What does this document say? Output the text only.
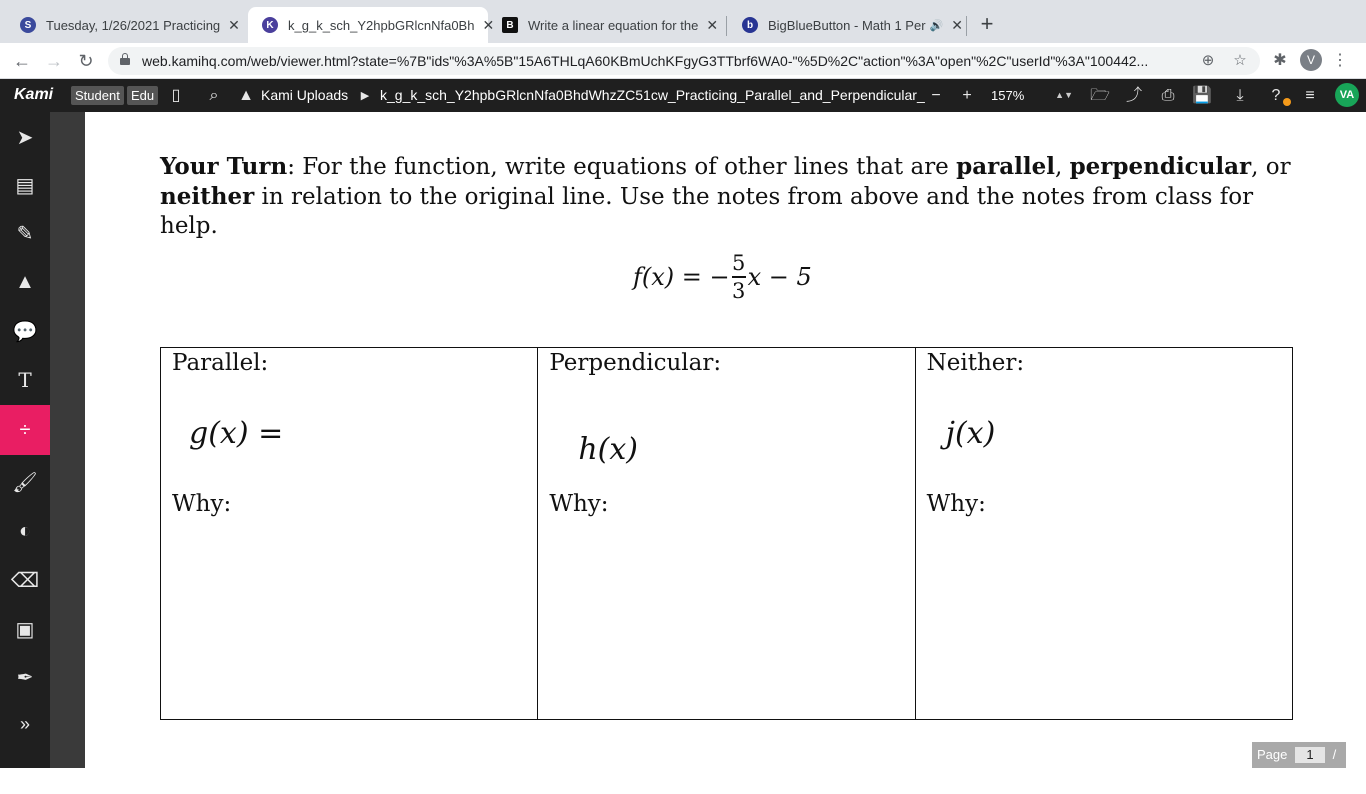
S	Tuesday, 1/26/2021 Practicing ✕	K	k_g_k_sch_Y2hpbGRlcnNfa0Bh ✕	B	Write a linear equation for the ✕	b	BigBlueButton - Math 1 Per 🔊 ✕ +
← → ↻	web.kamihq.com/web/viewer.html?state=%7B"ids"%3A%5B"15A6THLqA60KBmUchKFgyG3TTbrf6WA0-"%5D%2C"action"%3A"open"%2C"userId"%3A"100442...	⊕ ☆	✱	V	⋮
Kami	Student Edu	▯	⌕	▲ Kami Uploads	▶ k_g_k_sch_Y2hpbGRlcnNfa0BhdWhzZC51cw_Practicing_Parallel_and_Perpendicular_ −	+	157%	▲▼ 🗁 ⤴ ⎙ 💾	⤓	?	≡	VA
➤
▤
✎
▲
💬
T
÷
🖌
◐
⌫
▣
✒
»
Your Turn: For the function, write equations of other lines that are parallel, perpendicular, or neither in relation to the original line. Use the notes from above and the notes from class for help.
f(x) = − $\frac{5}{3}$ x − 5
Parallel:
g(x) =
Why:
Perpendicular:
h(x)
Why:
Neither:
j(x)
Why:
Page 1 / 1
